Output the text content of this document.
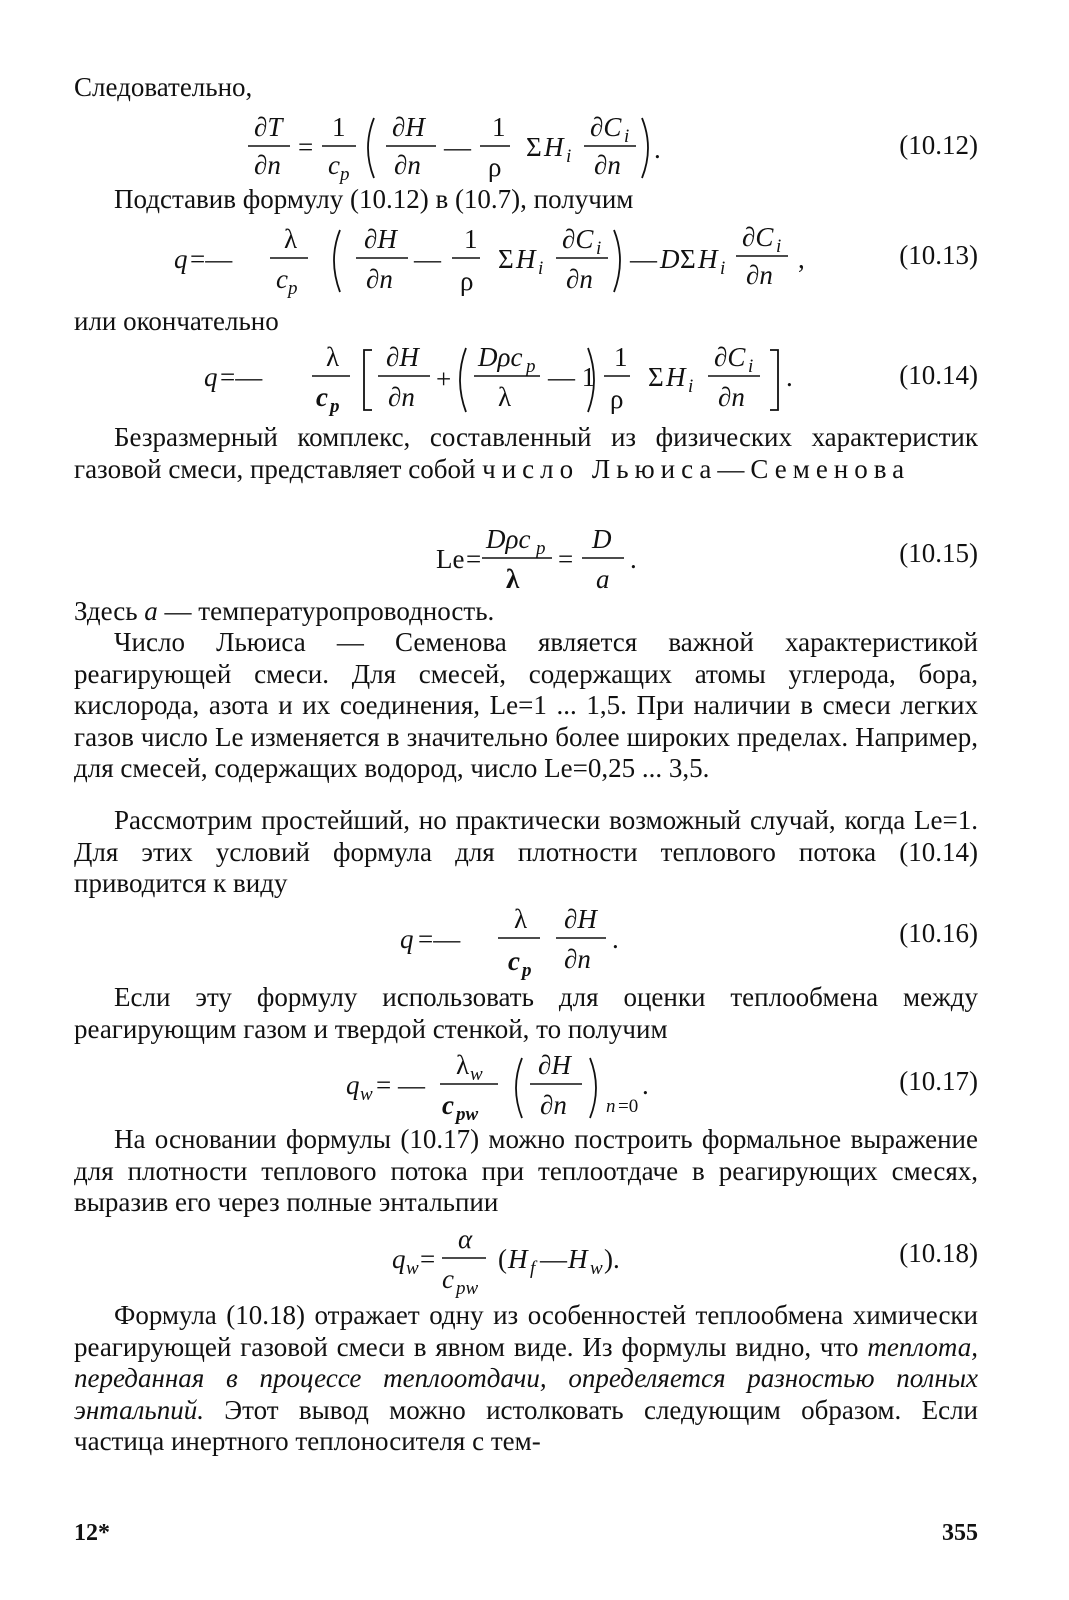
Следовательно,
∂T
∂n
=
1
c p
∂H
∂n
—
1
ρ
Σ H i
∂C i
∂n
.	(10.12)
Подставив формулу (10.12) в (10.7), получим
q =—
λ
c p
∂H
∂n
—
1
ρ
Σ H i
∂C i
∂n
— D Σ H i
∂C i
∂n
,	(10.13)
или окончательно
q =—
λ
c p
∂H
∂n
+
Dρc p
λ
— 1
1
ρ
Σ H i
∂C i
∂n
.	(10.14)
Безразмерный комплекс, составленный из физических характеристик газовой смеси, представляет собой число Льюиса—Семенова
Le =
Dρc p
λ
=
D
a
.	(10.15)
Здесь a — температуропроводность.
Число Льюиса — Семенова является важной характеристикой реагирующей смеси. Для смесей, содержащих атомы углерода, бора, кислорода, азота и их соединения, Le=1 ... 1,5. При наличии в смеси легких газов число Le изменяется в значительно более широких пределах. Например, для смесей, содержащих водород, число Le=0,25 ... 3,5.
Рассмотрим простейший, но практически возможный случай, когда Le=1. Для этих условий формула для плотности теплового потока (10.14) приводится к виду
q =—
λ
c p
∂H
∂n
.	(10.16)
Если эту формулу использовать для оценки теплообмена между реагирующим газом и твердой стенкой, то получим
q w = —
λ w
c pw
∂H
∂n n =0
.	(10.17)
На основании формулы (10.17) можно построить формальное выражение для плотности теплового потока при теплоотдаче в реагирующих смесях, выразив его через полные энтальпии
q w =
α
c pw
( H f — H w ).	(10.18)
Формула (10.18) отражает одну из особенностей теплообмена химически реагирующей газовой смеси в явном виде. Из формулы видно, что теплота, переданная в процессе теплоотдачи, определяется разностью полных энтальпий. Этот вывод можно истолковать следующим образом. Если частица инертного теплоносителя с тем-
12*	355
